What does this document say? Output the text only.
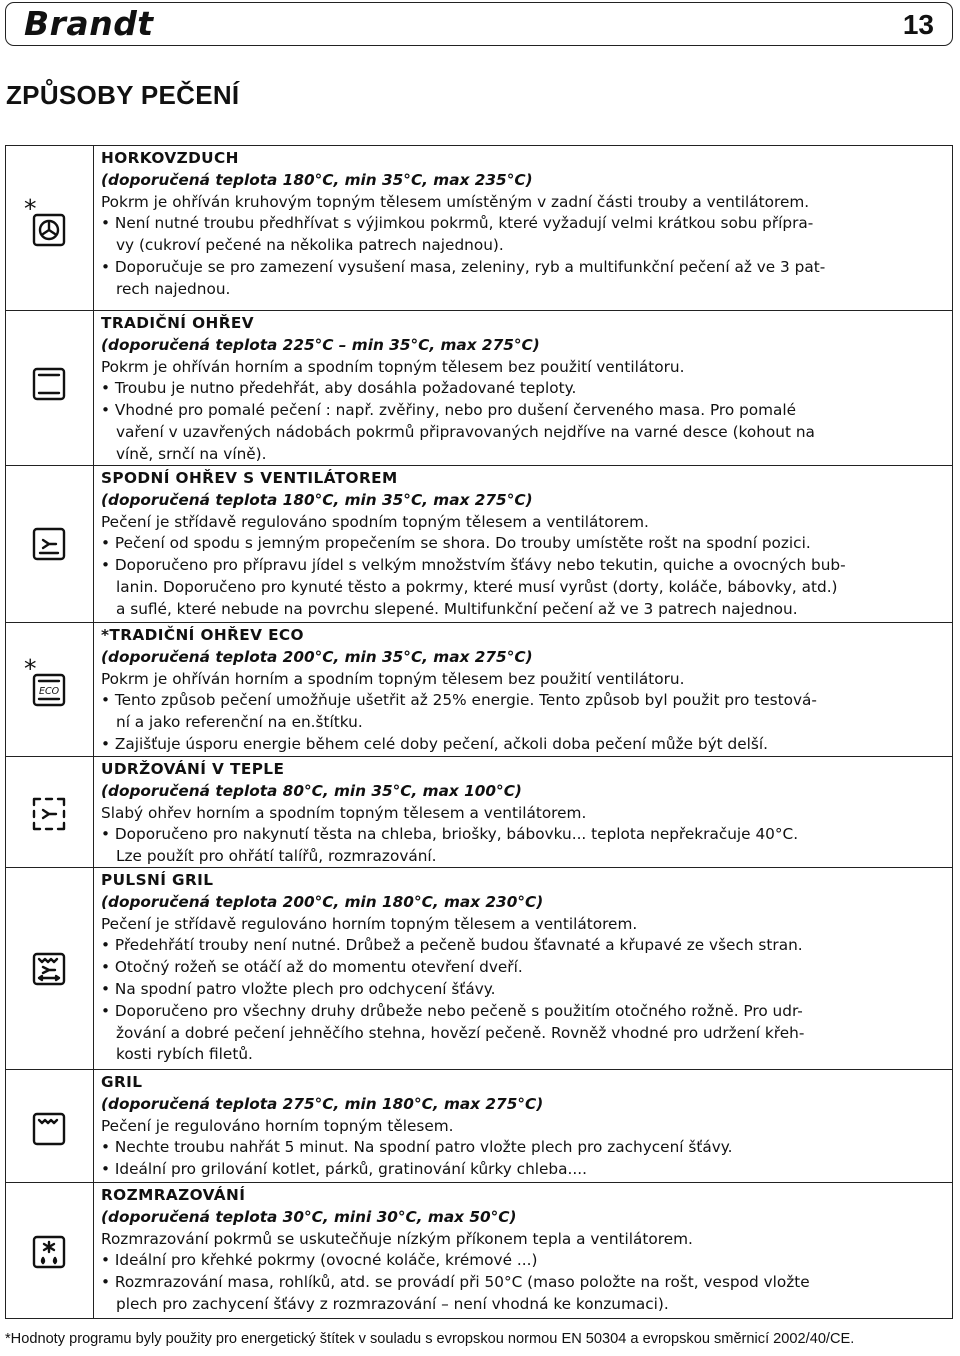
Brandt	13
ZPŮSOBY PEČENÍ
*
HORKOVZDUCH
(doporučená teplota 180°C, min 35°C, max 235°C)
Pokrm je ohříván kruhovým topným tělesem umístěným v zadní části trouby a ventilátorem.
• Není nutné troubu předhřívat s výjimkou pokrmů, které vyžadují velmi krátkou sobu přípra-
vy (cukroví pečené na několika patrech najednou).
• Doporučuje se pro zamezení vysušení masa, zeleniny, ryb a multifunkční pečení až ve 3 pat-
rech najednou.
TRADIČNÍ OHŘEV
(doporučená teplota 225°C – min 35°C, max 275°C)
Pokrm je ohříván horním a spodním topným tělesem bez použití ventilátoru.
• Troubu je nutno předehřát, aby dosáhla požadované teploty.
• Vhodné pro pomalé pečení : např. zvěřiny, nebo pro dušení červeného masa. Pro pomalé
vaření v uzavřených nádobách pokrmů připravovaných nejdříve na varné desce (kohout na
víně, srnčí na víně).
SPODNÍ OHŘEV S VENTILÁTOREM
(doporučená teplota 180°C, min 35°C, max 275°C)
Pečení je střídavě regulováno spodním topným tělesem a ventilátorem.
• Pečení od spodu s jemným propečením se shora. Do trouby umístěte rošt na spodní pozici.
• Doporučeno pro přípravu jídel s velkým množstvím šťávy nebo tekutin, quiche a ovocných bub-
lanin. Doporučeno pro kynuté těsto a pokrmy, které musí vyrůst (dorty, koláče, bábovky, atd.)
a suflé, které nebude na povrchu slepené. Multifunkční pečení až ve 3 patrech najednou.
ECO
*
*TRADIČNÍ OHŘEV ECO
(doporučená teplota 200°C, min 35°C, max 275°C)
Pokrm je ohříván horním a spodním topným tělesem bez použití ventilátoru.
• Tento způsob pečení umožňuje ušetřit až 25% energie. Tento způsob byl použit pro testová-
ní a jako referenční na en.štítku.
• Zajišťuje úsporu energie během celé doby pečení, ačkoli doba pečení může být delší.
UDRŽOVÁNÍ V TEPLE
(doporučená teplota 80°C, min 35°C, max 100°C)
Slabý ohřev horním a spodním topným tělesem a ventilátorem.
• Doporučeno pro nakynutí těsta na chleba, briošky, bábovku... teplota nepřekračuje 40°C.
Lze použít pro ohřátí talířů, rozmrazování.
PULSNÍ GRIL
(doporučená teplota 200°C, min 180°C, max 230°C)
Pečení je střídavě regulováno horním topným tělesem a ventilátorem.
• Předehřátí trouby není nutné. Drůbež a pečeně budou šťavnaté a křupavé ze všech stran.
• Otočný rožeň se otáčí až do momentu otevření dveří.
• Na spodní patro vložte plech pro odchycení šťávy.
• Doporučeno pro všechny druhy drůbeže nebo pečeně s použitím otočného rožně. Pro udr-
žování a dobré pečení jehněčího stehna, hovězí pečeně. Rovněž vhodné pro udržení křeh-
kosti rybích filetů.
GRIL
(doporučená teplota 275°C, min 180°C, max 275°C)
Pečení je regulováno horním topným tělesem.
• Nechte troubu nahřát 5 minut. Na spodní patro vložte plech pro zachycení šťávy.
• Ideální pro grilování kotlet, párků, gratinování kůrky chleba....
ROZMRAZOVÁNÍ
(doporučená teplota 30°C, mini 30°C, max 50°C)
Rozmrazování pokrmů se uskutečňuje nízkým příkonem tepla a ventilátorem.
• Ideální pro křehké pokrmy (ovocné koláče, krémové ...)
• Rozmrazování masa, rohlíků, atd. se provádí při 50°C (maso položte na rošt, vespod vložte
plech pro zachycení šťávy z rozmrazování – není vhodná ke konzumaci).
*Hodnoty programu byly použity pro energetický štítek v souladu s evropskou normou EN 50304 a evropskou směrnicí 2002/40/CE.
